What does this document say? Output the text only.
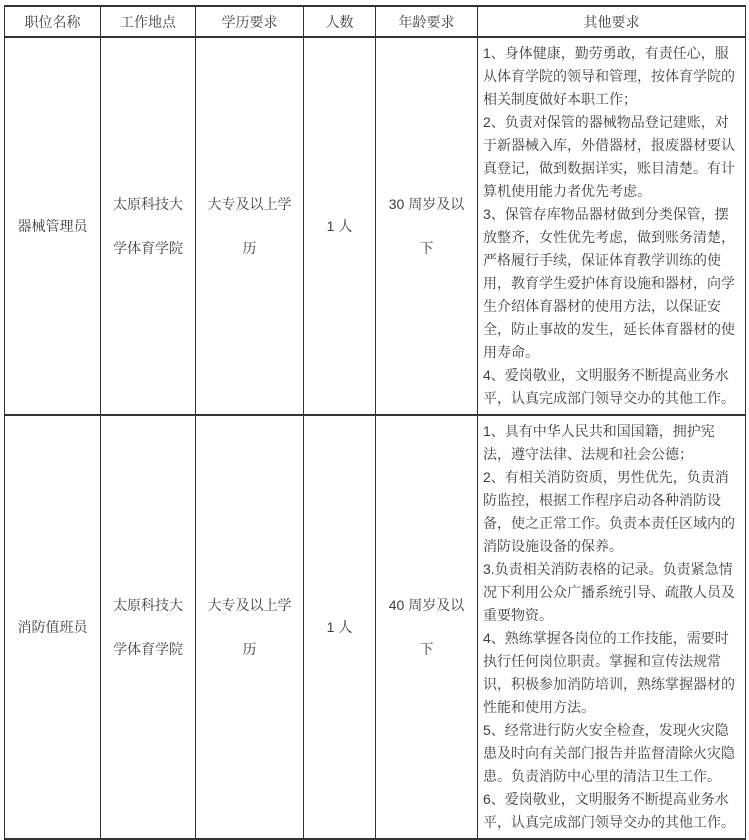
职位名称	工作地点	学历要求	人数	年龄要求	其他要求
器械管理员	太原科技大学体育学院	大专及以上学历	1 人	30 周岁及以下	1、身体健康，勤劳勇敢，有责任心，服从体育学院的领导和管理，按体育学院的相关制度做好本职工作；

2、负责对保管的器械物品登记建账，对于新器械入库，外借器材，报废器材要认真登记，做到数据详实，账目清楚。有计算机使用能力者优先考虑。

3、保管存库物品器材做到分类保管，摆放整齐，女性优先考虑，做到账务清楚，严格履行手续，保证体育教学训练的使用，教育学生爱护体育设施和器材，向学生介绍体育器材的使用方法，以保证安全，防止事故的发生，延长体育器材的使用寿命。

4、爱岗敬业，文明服务不断提高业务水平，认真完成部门领导交办的其他工作。

消防值班员	太原科技大学体育学院	大专及以上学历	1 人	40 周岁及以下	

1、具有中华人民共和国国籍，拥护宪法，遵守法律、法规和社会公德；

2、有相关消防资质，男性优先，负责消防监控，根据工作程序启动各种消防设备，使之正常工作。负责本责任区域内的消防设施设备的保养。

3.负责相关消防表格的记录。负责紧急情况下利用公众广播系统引导、疏散人员及重要物资。

4、熟练掌握各岗位的工作技能，需要时执行任何岗位职责。掌握和宣传法规常识，积极参加消防培训，熟练掌握器材的性能和使用方法。

5、经常进行防火安全检查，发现火灾隐患及时向有关部门报告并监督清除火灾隐患。负责消防中心里的清洁卫生工作。

6、爱岗敬业，文明服务不断提高业务水平，认真完成部门领导交办的其他工作。
